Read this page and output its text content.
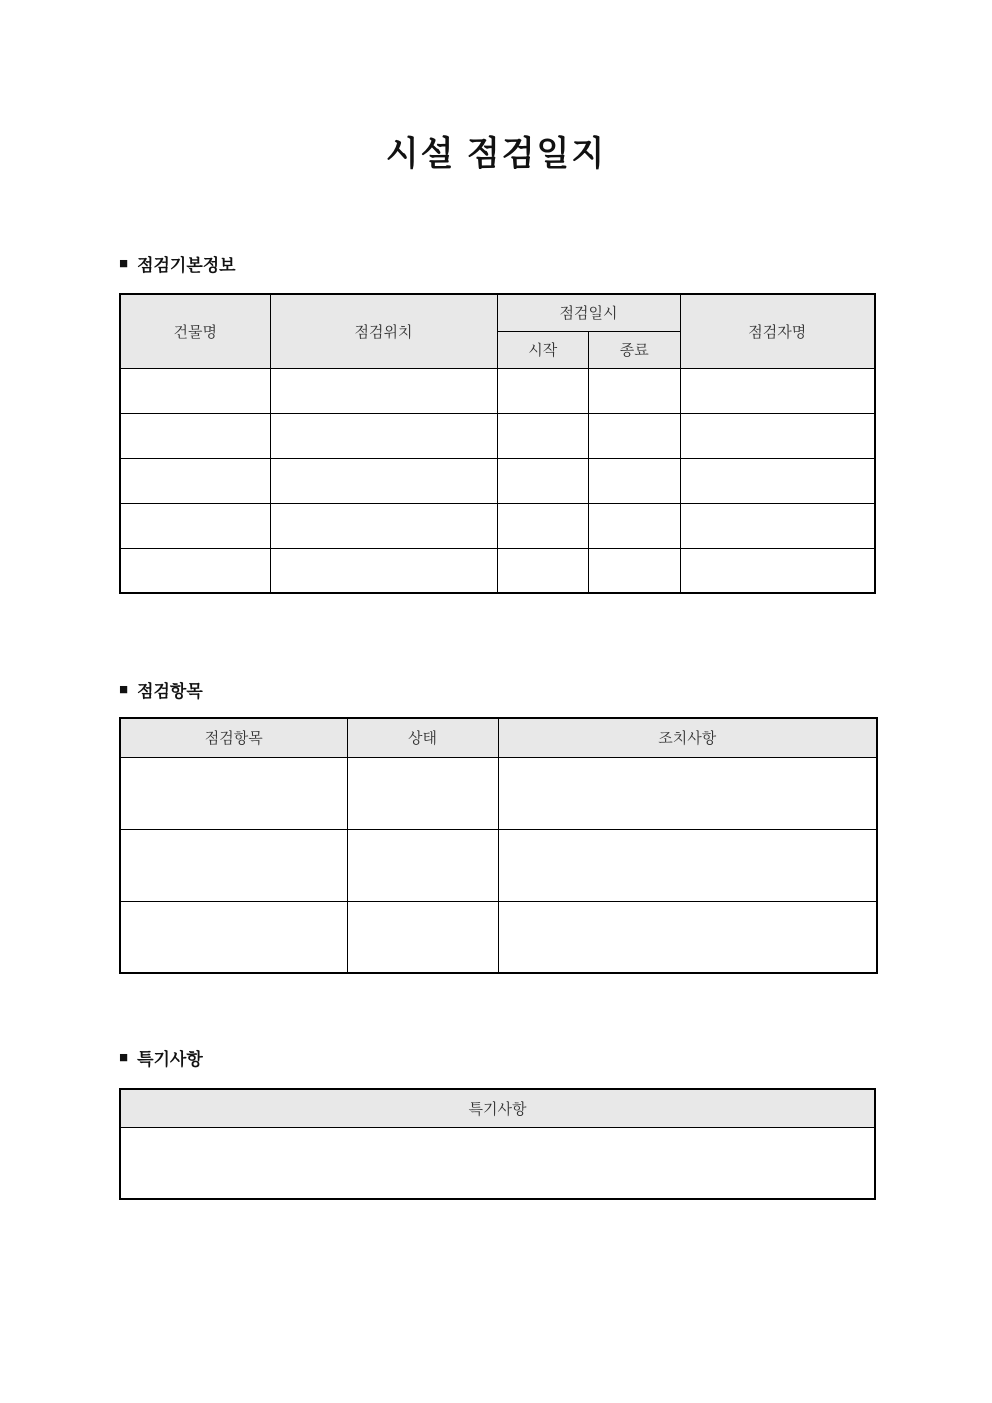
시설 점검일지
■ 점검기본정보
건물명	점검위치	점검일시		점검자명
		시작	종료	

■ 점검항목
점검항목	상태	조치사항

■ 특기사항
특기사항
